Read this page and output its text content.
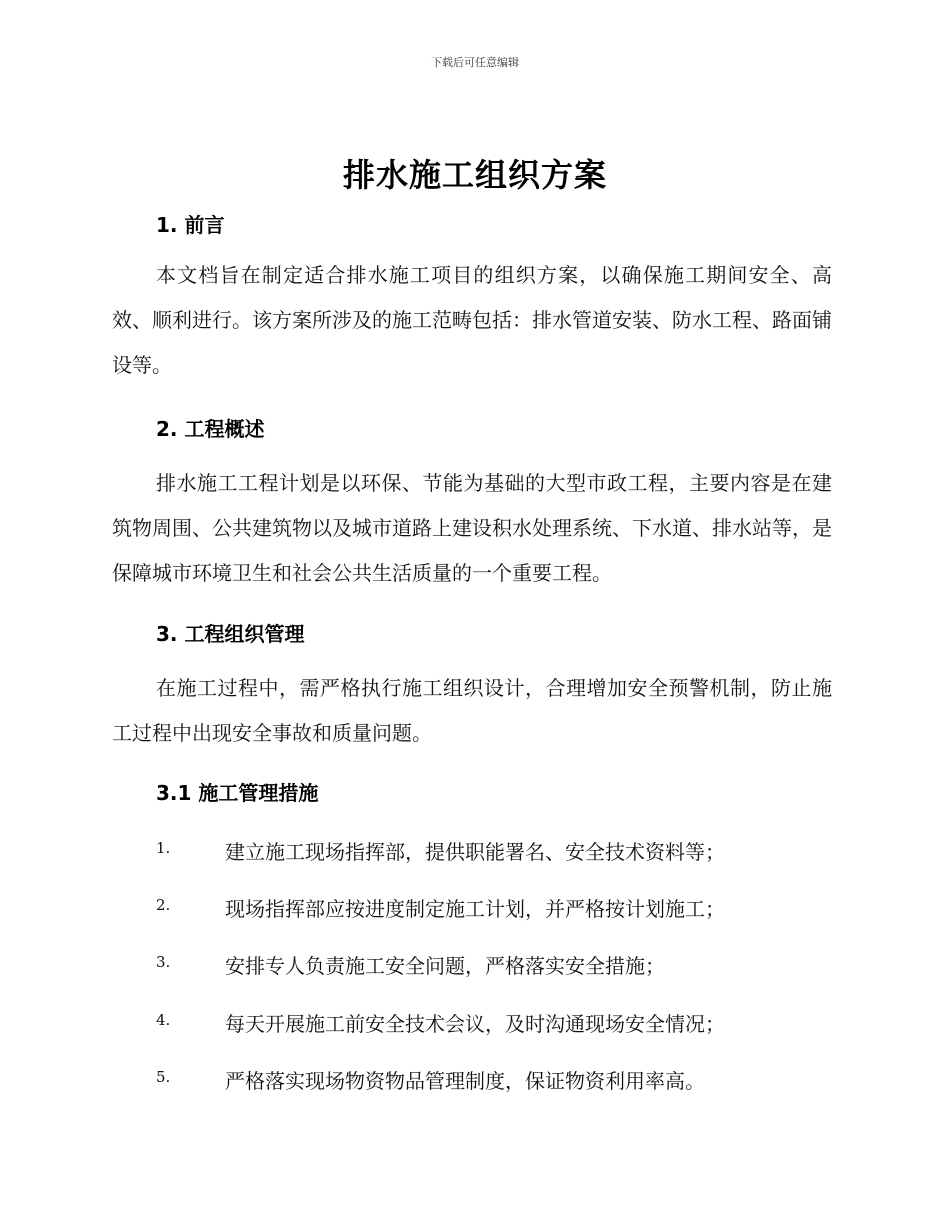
下载后可任意编辑
排水施工组织方案
1. 前言
本文档旨在制定适合排水施工项目的组织方案，以确保施工期间安全、高效、顺利进行。该方案所涉及的施工范畴包括：排水管道安装、防水工程、路面铺设等。
2. 工程概述
排水施工工程计划是以环保、节能为基础的大型市政工程，主要内容是在建筑物周围、公共建筑物以及城市道路上建设积水处理系统、下水道、排水站等，是保障城市环境卫生和社会公共生活质量的一个重要工程。
3. 工程组织管理
在施工过程中，需严格执行施工组织设计，合理增加安全预警机制，防止施工过程中出现安全事故和质量问题。
3.1 施工管理措施
1.	建立施工现场指挥部，提供职能署名、安全技术资料等；
2.	现场指挥部应按进度制定施工计划，并严格按计划施工；
3.	安排专人负责施工安全问题，严格落实安全措施；
4.	每天开展施工前安全技术会议，及时沟通现场安全情况；
5.	严格落实现场物资物品管理制度，保证物资利用率高。
